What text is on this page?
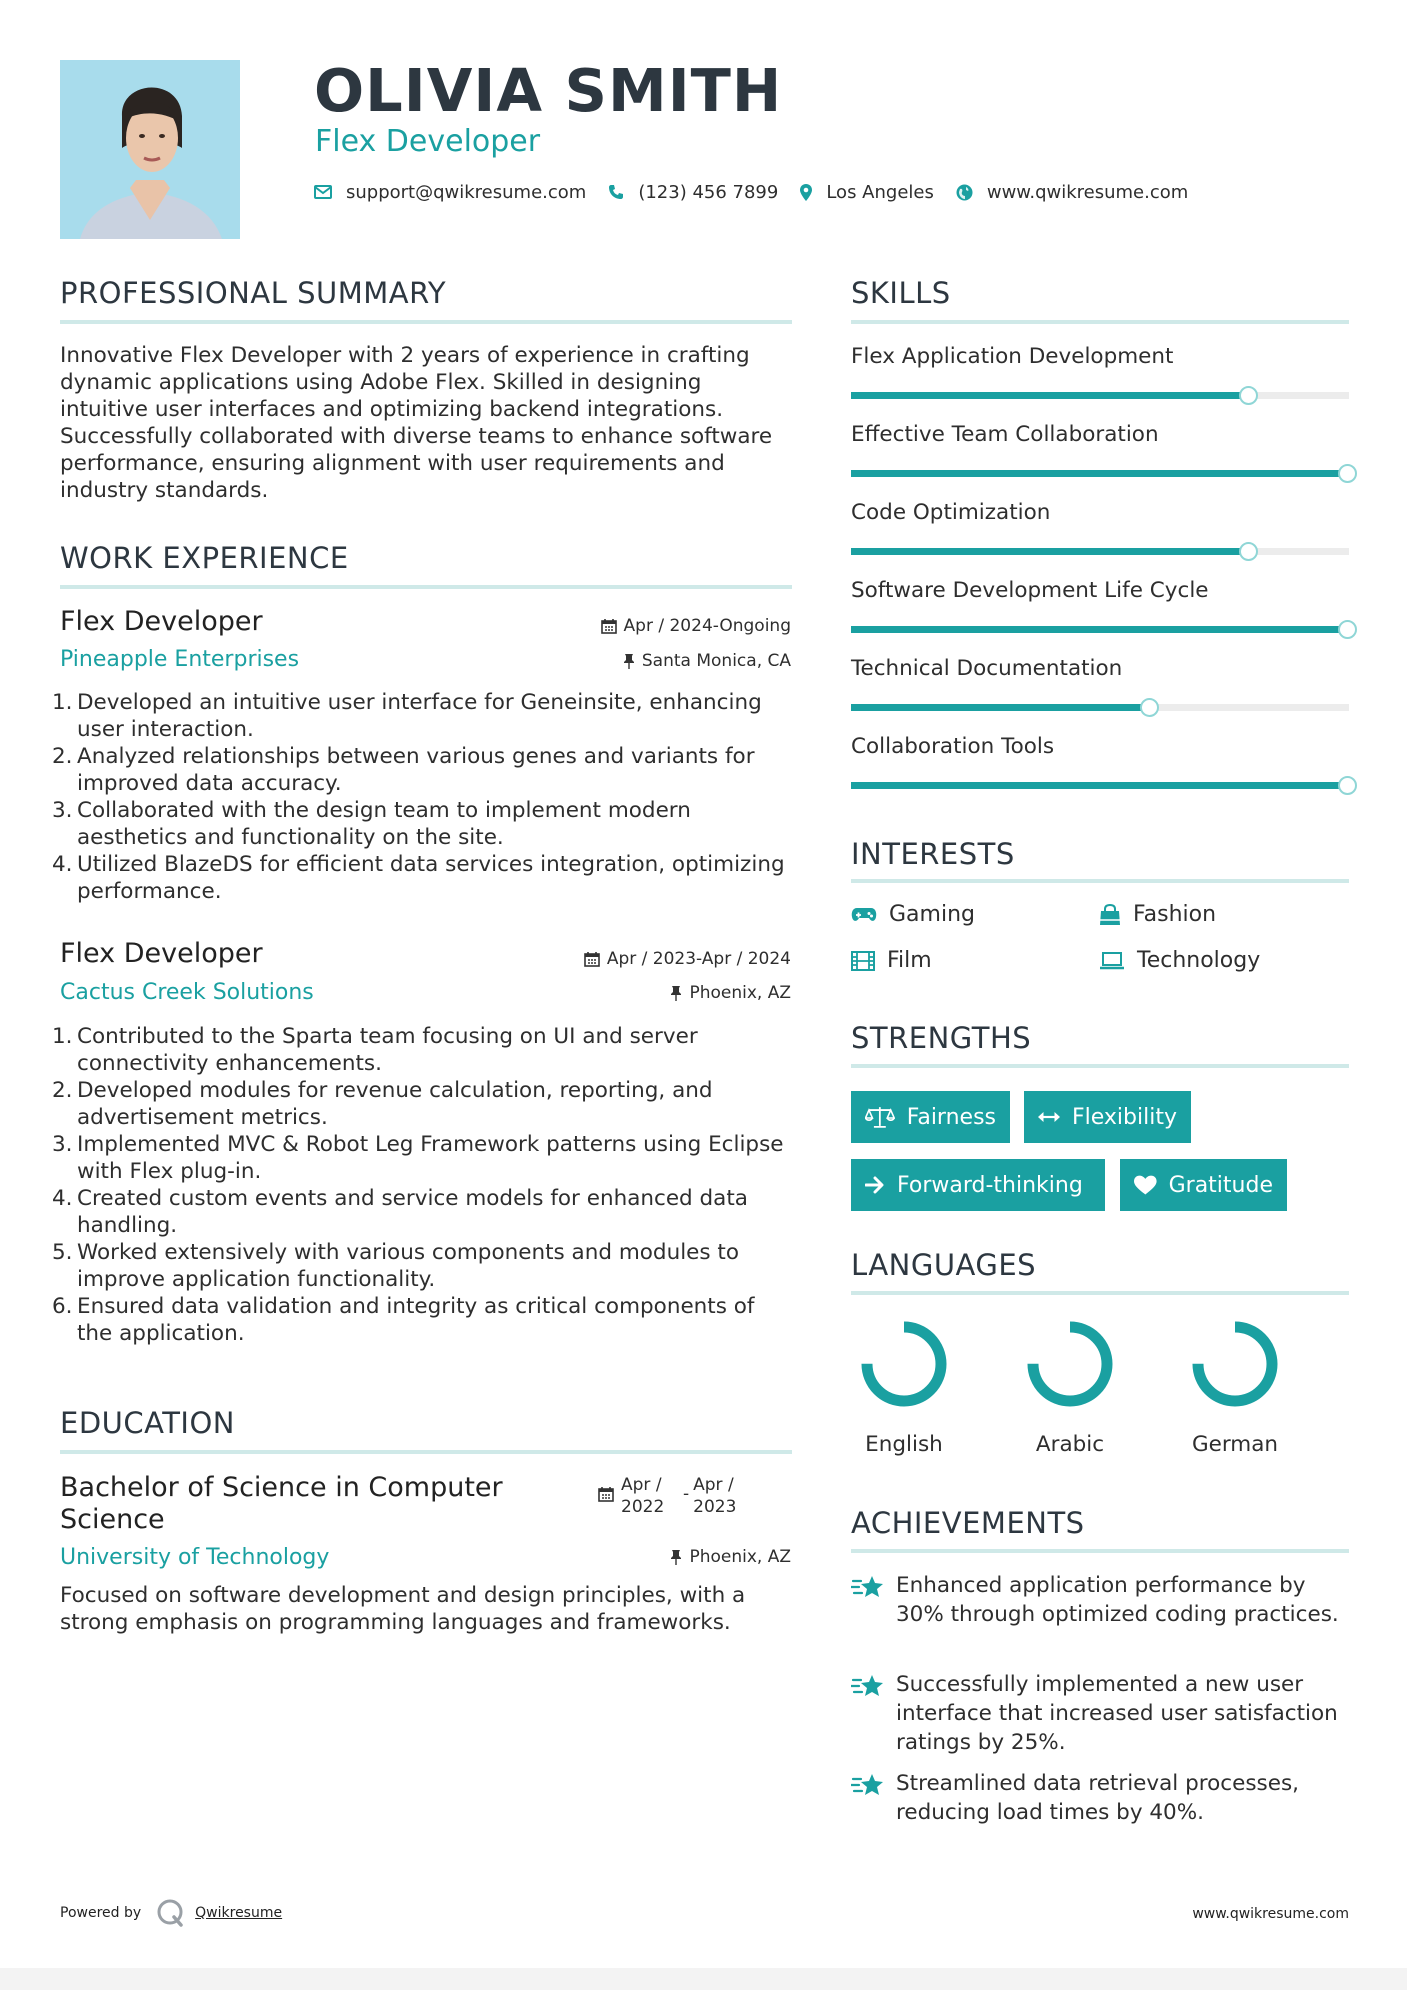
OLIVIA SMITH
Flex Developer
support@qwikresume.com	(123) 456 7899	Los Angeles	www.qwikresume.com
PROFESSIONAL SUMMARY
Innovative Flex Developer with 2 years of experience in crafting dynamic applications using Adobe Flex. Skilled in designing intuitive user interfaces and optimizing backend integrations. Successfully collaborated with diverse teams to enhance software performance, ensuring alignment with user requirements and industry standards.
WORK EXPERIENCE
Flex Developer	Apr / 2024-Ongoing
Pineapple Enterprises	Santa Monica, CA
1. Developed an intuitive user interface for Geneinsite, enhancing user interaction.
2. Analyzed relationships between various genes and variants for improved data accuracy.
3. Collaborated with the design team to implement modern aesthetics and functionality on the site.
4. Utilized BlazeDS for efficient data services integration, optimizing performance.
Flex Developer	Apr / 2023-Apr / 2024
Cactus Creek Solutions	Phoenix, AZ
1. Contributed to the Sparta team focusing on UI and server connectivity enhancements.
2. Developed modules for revenue calculation, reporting, and advertisement metrics.
3. Implemented MVC & Robot Leg Framework patterns using Eclipse with Flex plug-in.
4. Created custom events and service models for enhanced data handling.
5. Worked extensively with various components and modules to improve application functionality.
6. Ensured data validation and integrity as critical components of the application.
EDUCATION
Bachelor of Science in Computer Science
Apr / 2022
- Apr / 2023
University of Technology	Phoenix, AZ
Focused on software development and design principles, with a strong emphasis on programming languages and frameworks.
SKILLS
Flex Application Development
Effective Team Collaboration
Code Optimization
Software Development Life Cycle
Technical Documentation
Collaboration Tools
INTERESTS
Gaming	Fashion
Film	Technology
STRENGTHS
Fairness	Flexibility
Forward-thinking	Gratitude
LANGUAGES
English	Arabic	German
ACHIEVEMENTS
Enhanced application performance by 30% through optimized coding practices.
Successfully implemented a new user interface that increased user satisfaction ratings by 25%.
Streamlined data retrieval processes, reducing load times by 40%.
Powered by	Qwikresume	www.qwikresume.com
